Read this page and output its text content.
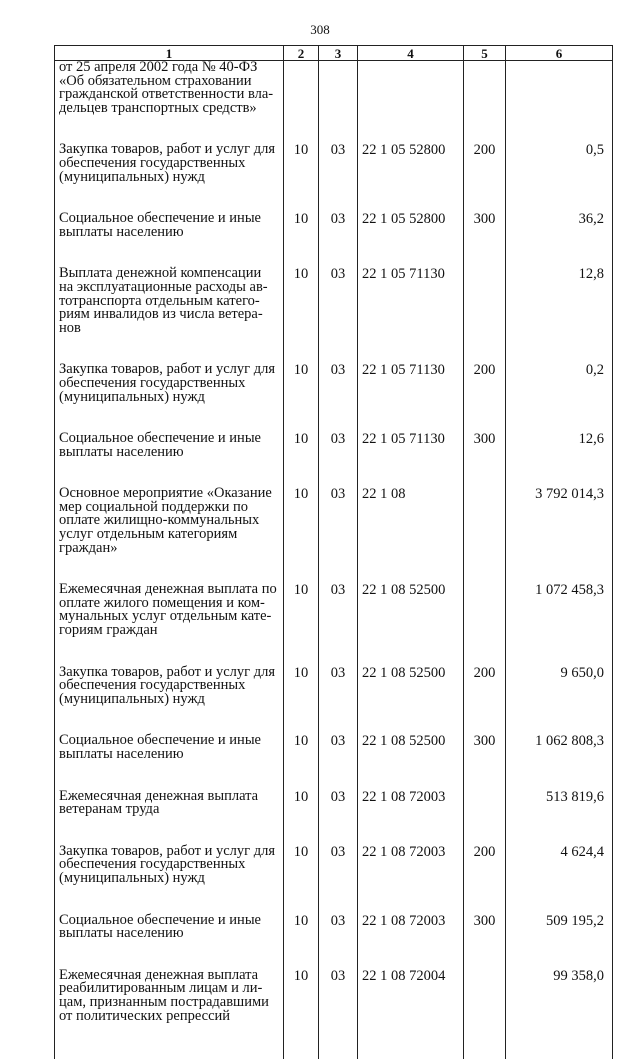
308
1	2	3	4	5	6

от 25 апреля 2002 года № 40-ФЗ
«Об обязательном страховании
гражданской ответственности вла-
дельцев транспортных средств»					

Закупка товаров, работ и услуг для
обеспечения государственных
(муниципальных) нужд	10	03	22 1 05 52800	200	0,5

Социальное обеспечение и иные
выплаты населению	10	03	22 1 05 52800	300	36,2

Выплата денежной компенсации
на эксплуатационные расходы ав-
тотранспорта отдельным катего-
риям инвалидов из числа ветера-
нов	10	03	22 1 05 71130		12,8

Закупка товаров, работ и услуг для
обеспечения государственных
(муниципальных) нужд	10	03	22 1 05 71130	200	0,2

Социальное обеспечение и иные
выплаты населению	10	03	22 1 05 71130	300	12,6

Основное мероприятие «Оказание
мер социальной поддержки по
оплате жилищно-коммунальных
услуг отдельным категориям
граждан»	10	03	22 1 08		3 792 014,3

Ежемесячная денежная выплата по
оплате жилого помещения и ком-
мунальных услуг отдельным кате-
гориям граждан	10	03	22 1 08 52500		1 072 458,3

Закупка товаров, работ и услуг для
обеспечения государственных
(муниципальных) нужд	10	03	22 1 08 52500	200	9 650,0

Социальное обеспечение и иные
выплаты населению	10	03	22 1 08 52500	300	1 062 808,3

Ежемесячная денежная выплата
ветеранам труда	10	03	22 1 08 72003		513 819,6

Закупка товаров, работ и услуг для
обеспечения государственных
(муниципальных) нужд	10	03	22 1 08 72003	200	4 624,4

Социальное обеспечение и иные
выплаты населению	10	03	22 1 08 72003	300	509 195,2

Ежемесячная денежная выплата
реабилитированным лицам и ли-
цам, признанным пострадавшими
от политических репрессий	10	03	22 1 08 72004		99 358,0
